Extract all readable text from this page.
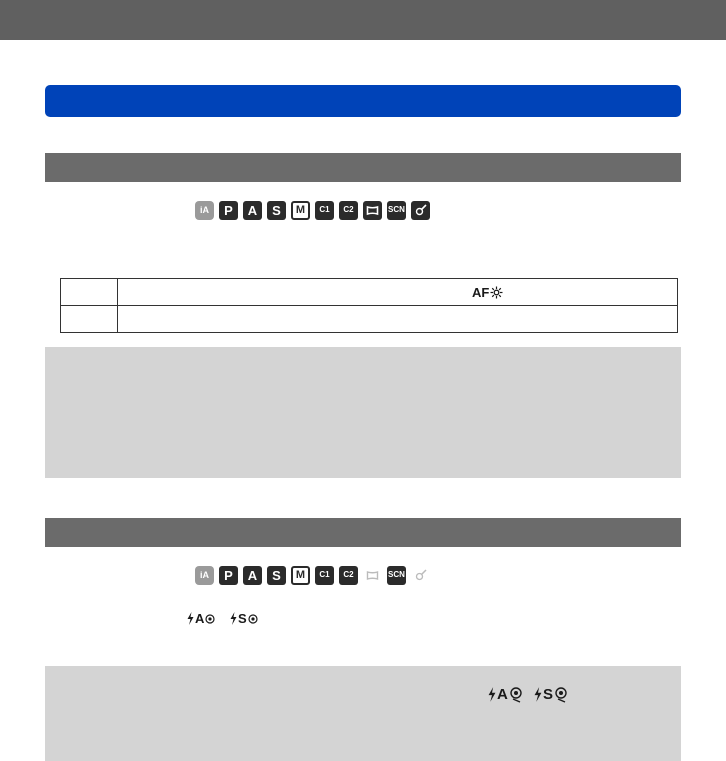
iA	P	A	S	M	C1	C2	SCN

	AF

iA	P	A	S	M	C1	C2	SCN
A	S
A S
